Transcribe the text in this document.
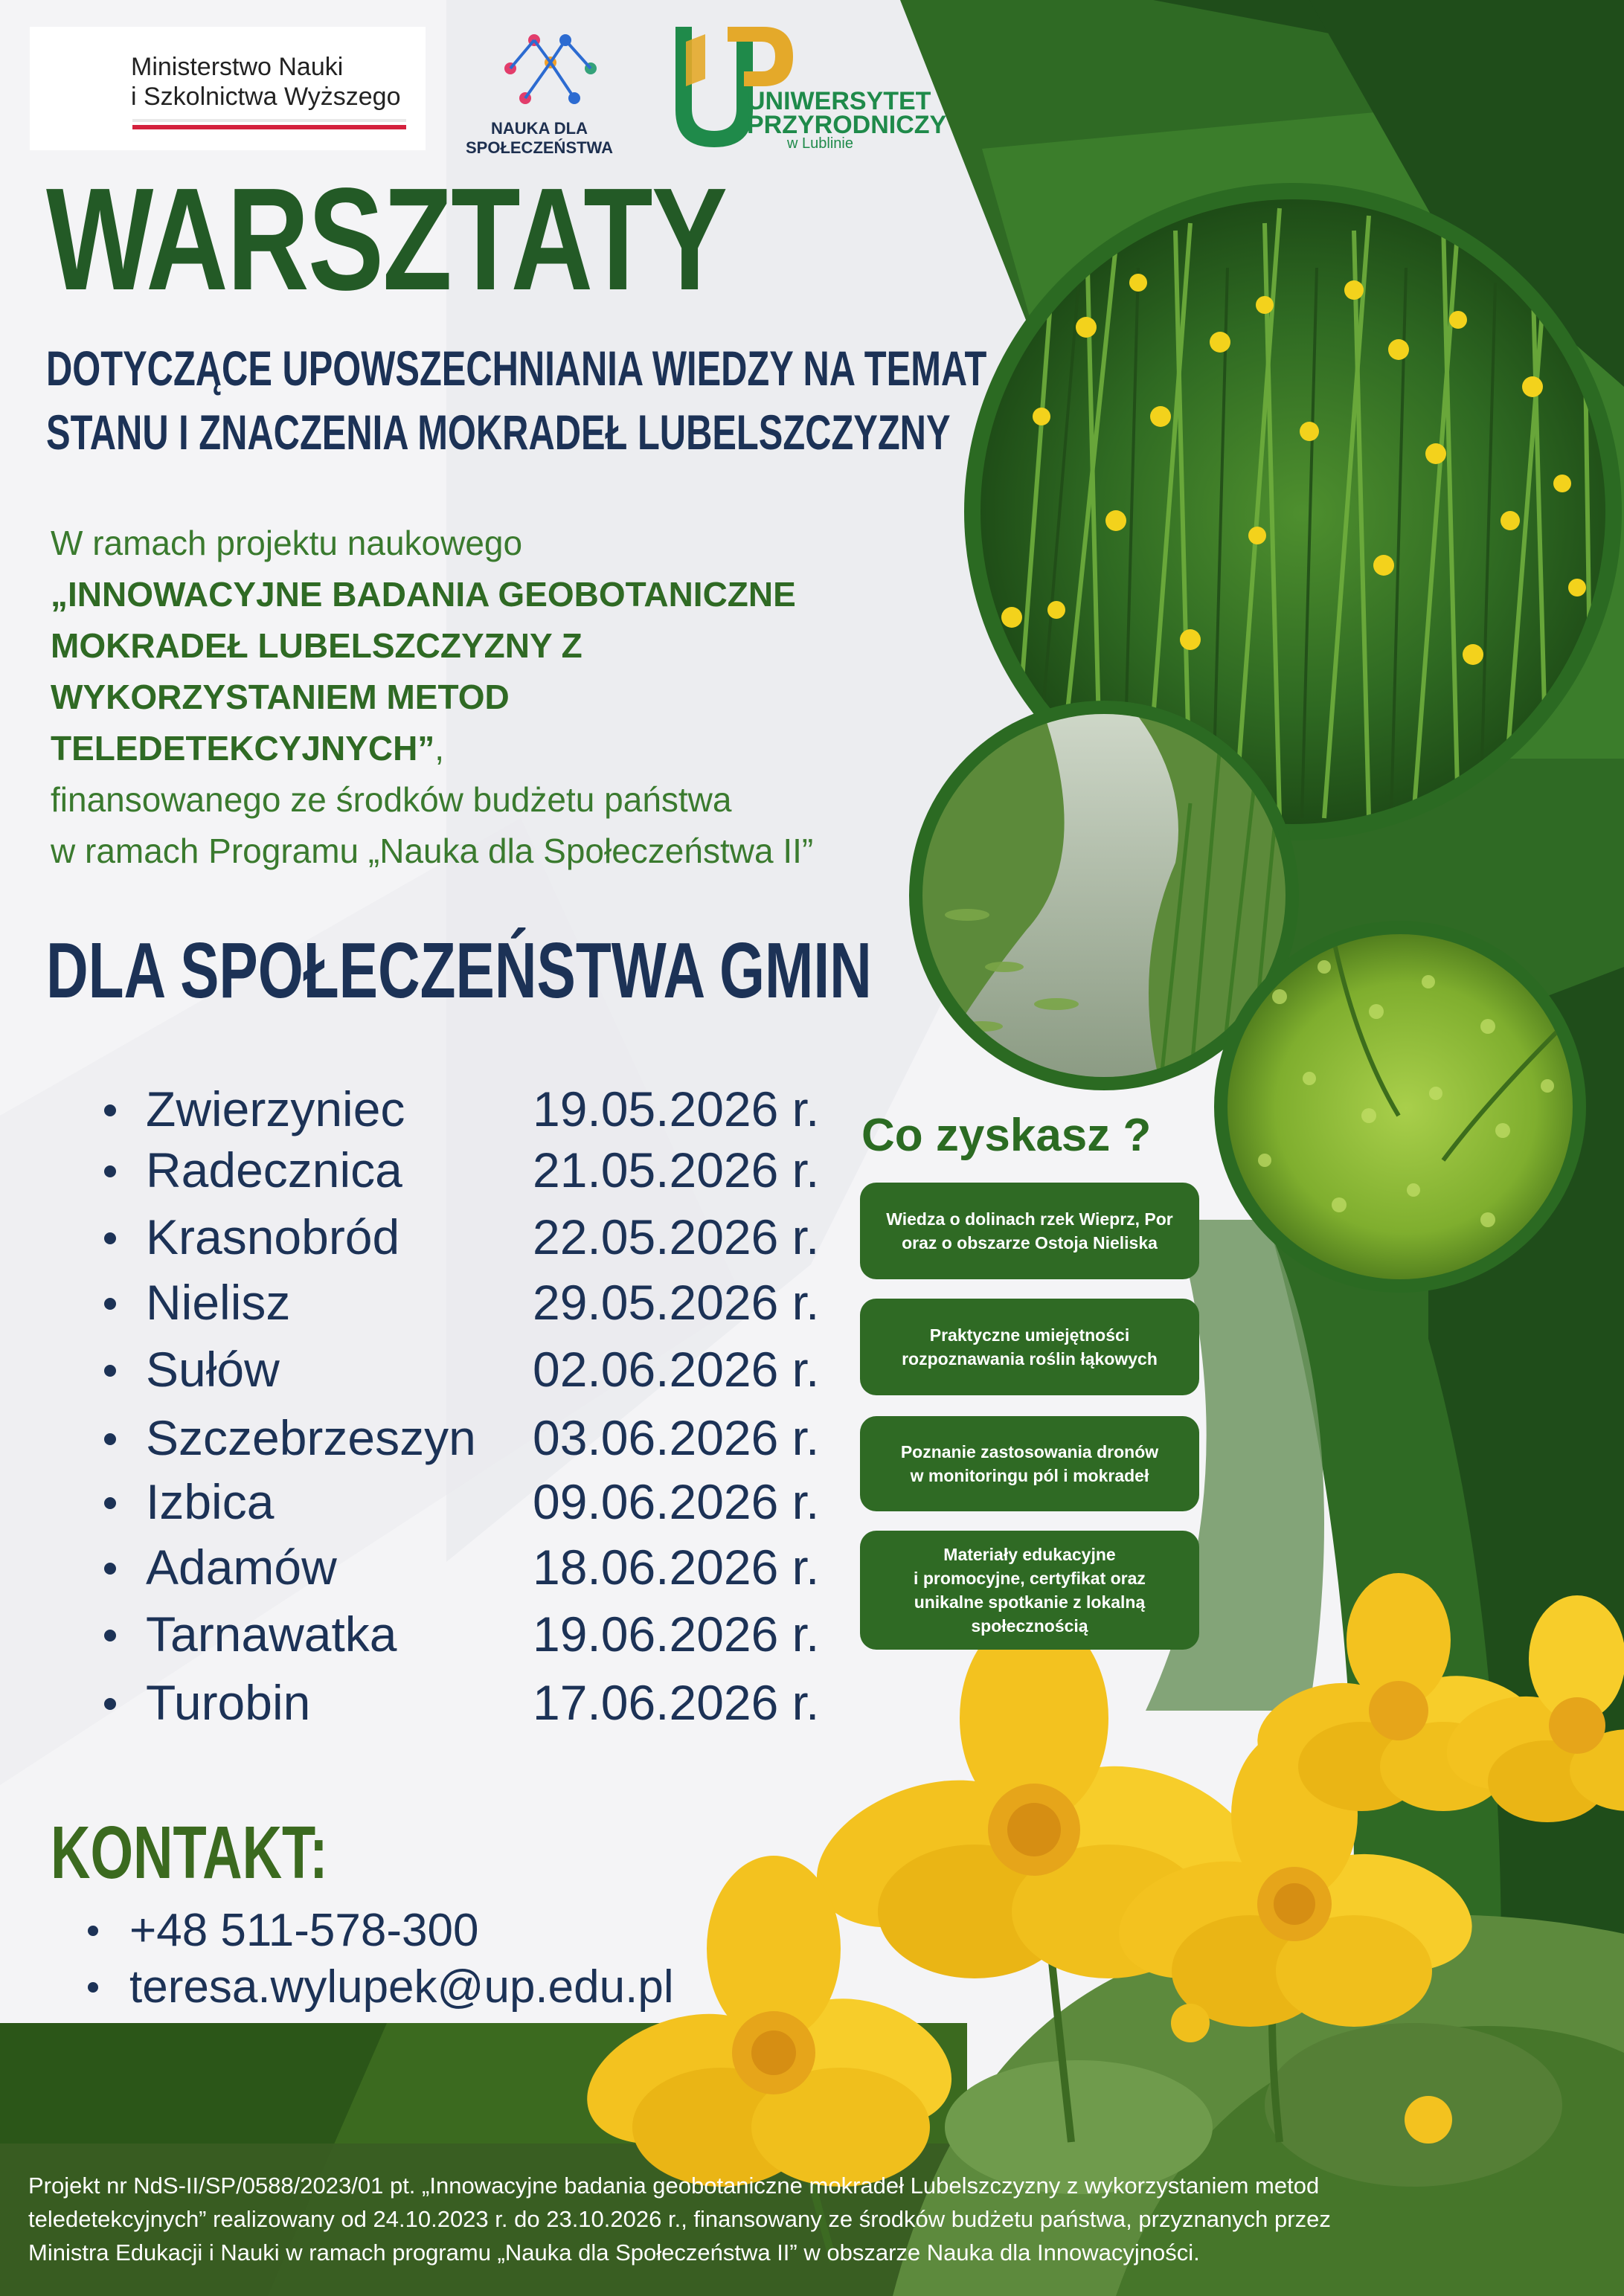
Ministerstwo Nauki
i Szkolnictwa Wyższego
NAUKA DLA
SPOŁECZEŃSTWA
UNIWERSYTET
PRZYRODNICZY
w Lublinie
WARSZTATY
DOTYCZĄCE UPOWSZECHNIANIA WIEDZY NA TEMAT
STANU I ZNACZENIA MOKRADEŁ LUBELSZCZYZNY
W ramach projektu naukowego
„INNOWACYJNE BADANIA GEOBOTANICZNE
MOKRADEŁ LUBELSZCZYZNY Z
WYKORZYSTANIEM METOD
TELEDETEKCYJNYCH”,
finansowanego ze środków budżetu państwa
w ramach Programu „Nauka dla Społeczeństwa II”
DLA SPOŁECZEŃSTWA GMIN
Zwierzyniec	19.05.2026 r.
Radecznica	21.05.2026 r.
Krasnobród	22.05.2026 r.
Nielisz	29.05.2026 r.
Sułów	02.06.2026 r.
Szczebrzeszyn 03.06.2026 r.
Izbica	09.06.2026 r.
Adamów	18.06.2026 r.
Tarnawatka	19.06.2026 r.
Turobin	17.06.2026 r.
Co zyskasz ?
Wiedza o dolinach rzek Wieprz, Por
oraz o obszarze Ostoja Nieliska
Praktyczne umiejętności
rozpoznawania roślin łąkowych
Poznanie zastosowania dronów
w monitoringu pól i mokradeł
Materiały edukacyjne
i promocyjne, certyfikat oraz
unikalne spotkanie z lokalną
społecznością
KONTAKT:
+48 511-578-300
teresa.wylupek@up.edu.pl
Projekt nr NdS-II/SP/0588/2023/01 pt. „Innowacyjne badania geobotaniczne mokradeł Lubelszczyzny z wykorzystaniem metod
teledetekcyjnych” realizowany od 24.10.2023 r. do 23.10.2026 r., finansowany ze środków budżetu państwa, przyznanych przez
Ministra Edukacji i Nauki w ramach programu „Nauka dla Społeczeństwa II” w obszarze Nauka dla Innowacyjności.
